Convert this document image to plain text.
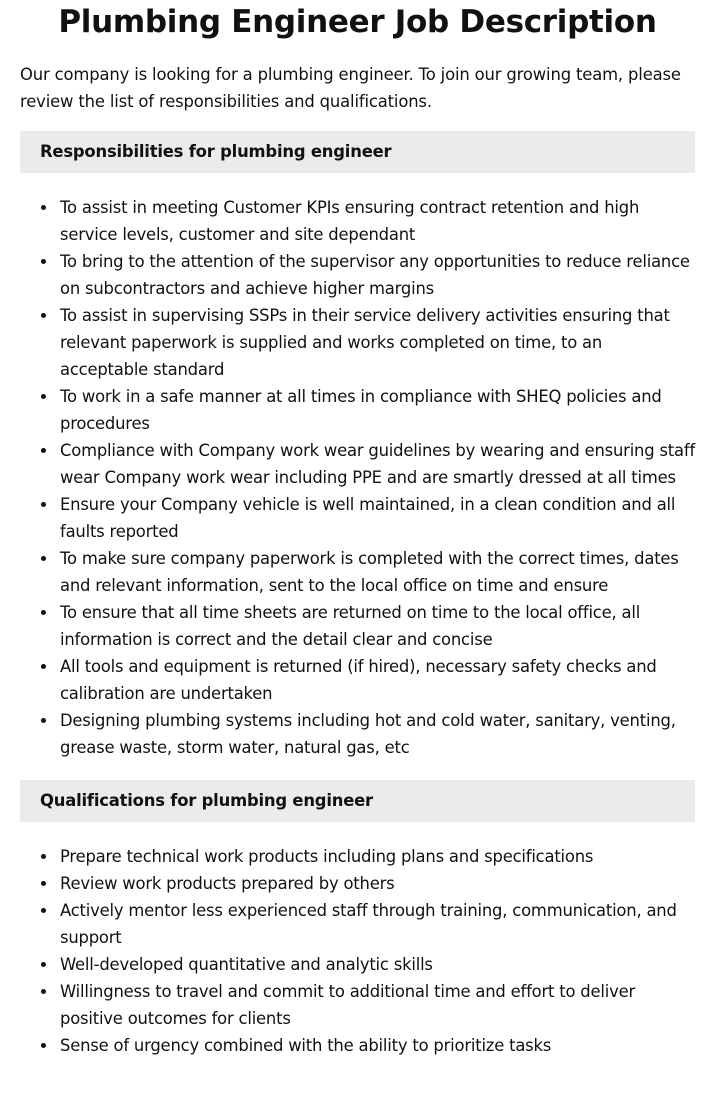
Plumbing Engineer Job Description

Our company is looking for a plumbing engineer. To join our growing team, please review the list of responsibilities and qualifications.

Responsibilities for plumbing engineer
To assist in meeting Customer KPIs ensuring contract retention and high service levels, customer and site dependant
To bring to the attention of the supervisor any opportunities to reduce reliance on subcontractors and achieve higher margins
To assist in supervising SSPs in their service delivery activities ensuring that relevant paperwork is supplied and works completed on time, to an acceptable standard
To work in a safe manner at all times in compliance with SHEQ policies and procedures
Compliance with Company work wear guidelines by wearing and ensuring staff wear Company work wear including PPE and are smartly dressed at all times
Ensure your Company vehicle is well maintained, in a clean condition and all faults reported
To make sure company paperwork is completed with the correct times, dates and relevant information, sent to the local office on time and ensure
To ensure that all time sheets are returned on time to the local office, all information is correct and the detail clear and concise
All tools and equipment is returned (if hired), necessary safety checks and calibration are undertaken
Designing plumbing systems including hot and cold water, sanitary, venting, grease waste, storm water, natural gas, etc
Qualifications for plumbing engineer
Prepare technical work products including plans and specifications
Review work products prepared by others
Actively mentor less experienced staff through training, communication, and support
Well-developed quantitative and analytic skills
Willingness to travel and commit to additional time and effort to deliver positive outcomes for clients
Sense of urgency combined with the ability to prioritize tasks
